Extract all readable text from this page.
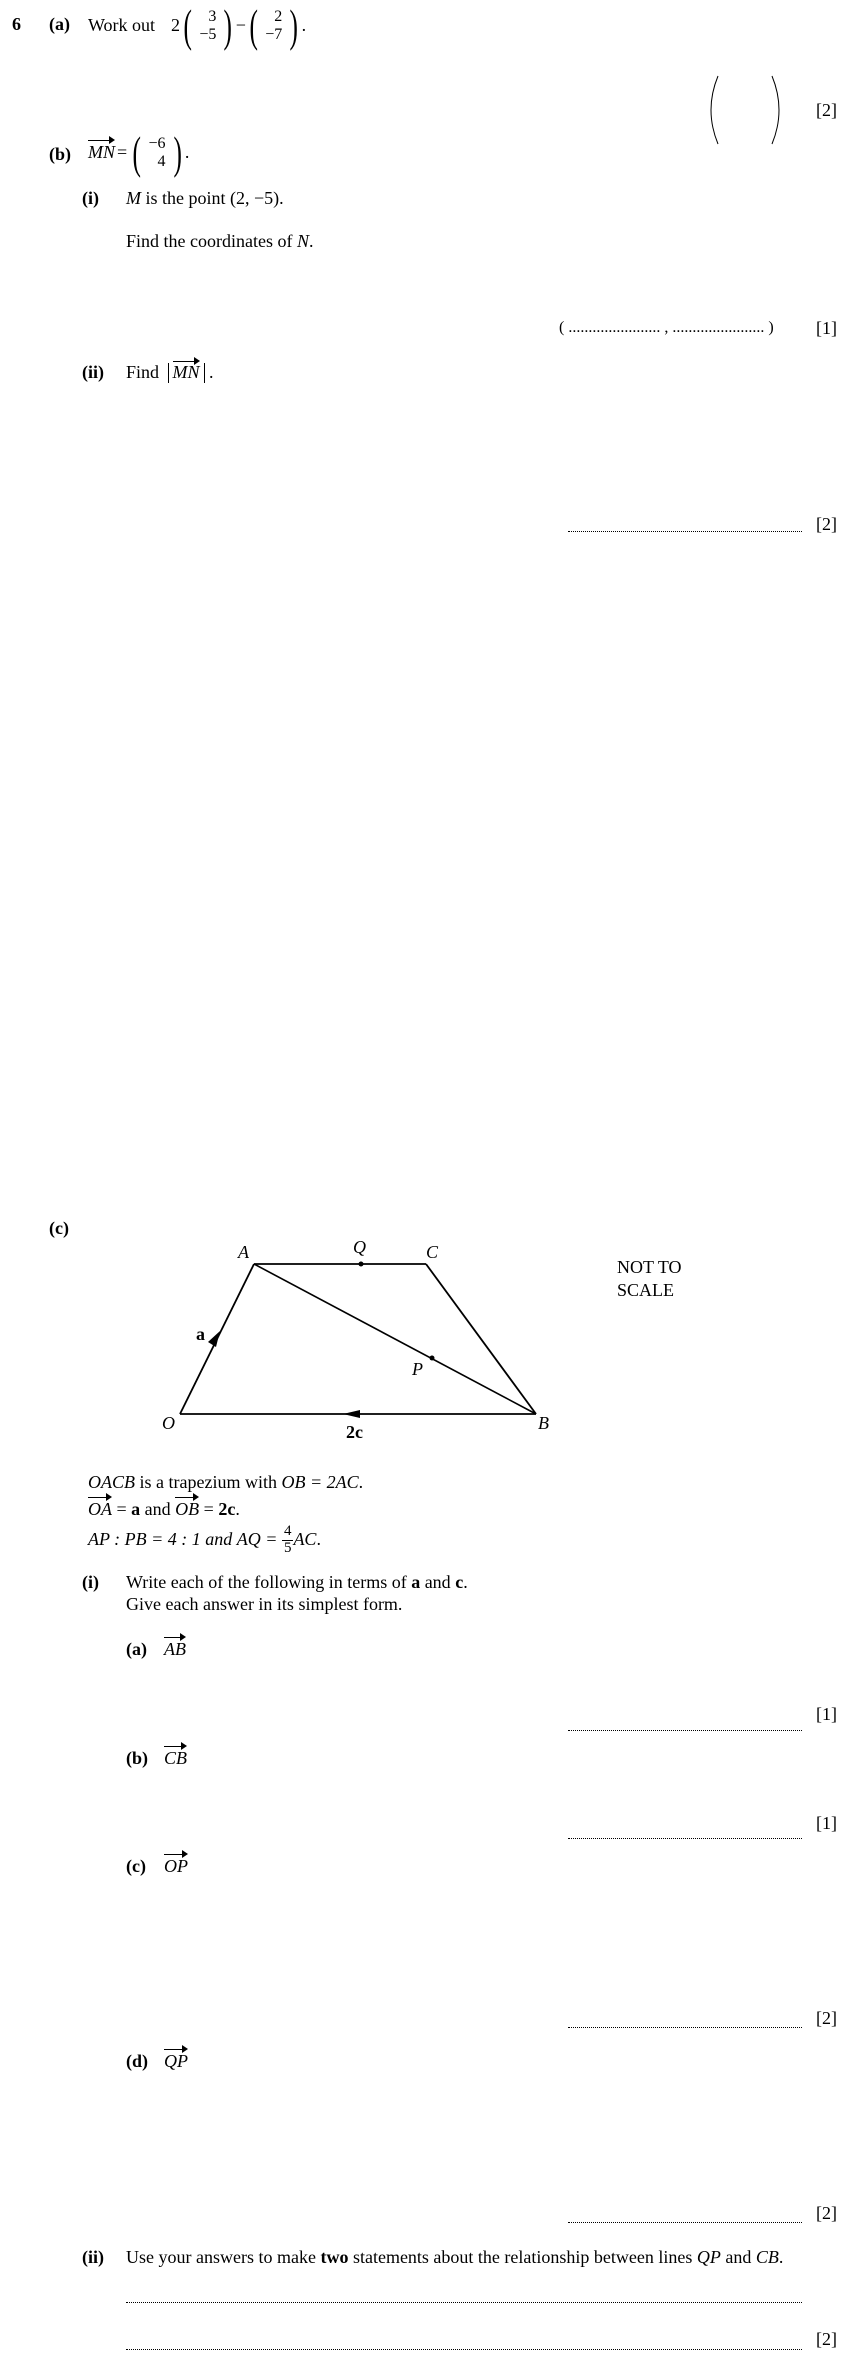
6 (a) Work out 2 ( 3
−5 ) − ( 2
−7 ) .
[2]
(b) MN = ( −6
4 ) .
(i) M is the point (2, −5).
Find the coordinates of N.
( ....................... , ....................... ) [1]
(ii) Find MN .
[2]
(c)
A	Q	C
P
O	B
a
2c
NOT TO
SCALE
OACB is a trapezium with OB = 2AC.
OA = a and OB = 2c.
AP : PB = 4 : 1 and AQ = $\frac{4}{5}$ AC .
(i) Write each of the following in terms of a and c.
Give each answer in its simplest form.
(a) AB
[1]
(b) CB
[1]
(c) OP
[2]
(d) QP
[2]
(ii) Use your answers to make two statements about the relationship between lines QP and CB.
[2]
